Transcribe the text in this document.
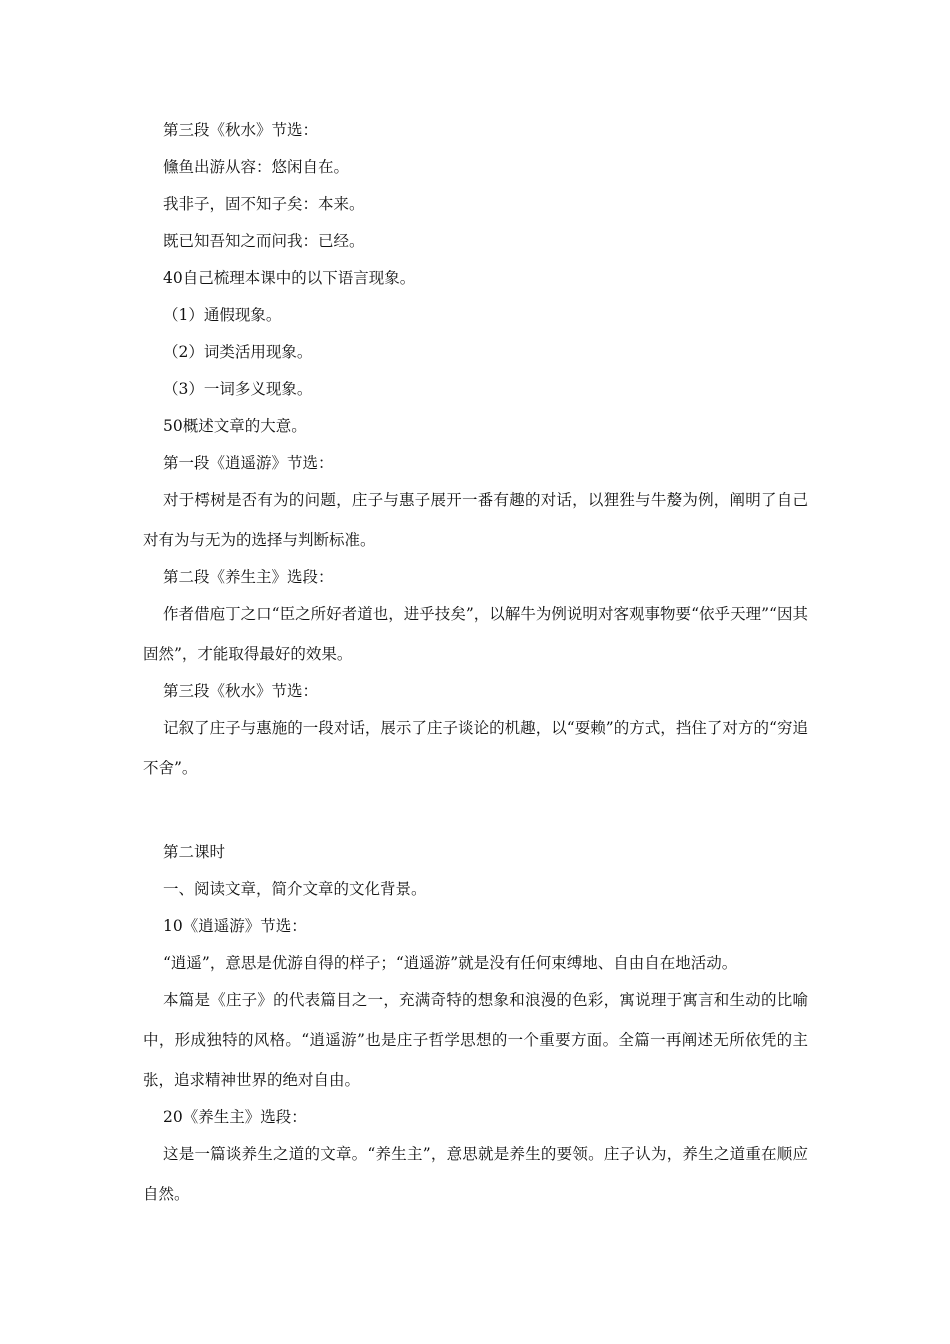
第三段《秋水》节选：

儵鱼出游从容：悠闲自在。

我非子，固不知子矣：本来。

既已知吾知之而问我：已经。

40自己梳理本课中的以下语言现象。

（1）通假现象。

（2）词类活用现象。

（3）一词多义现象。

50概述文章的大意。

第一段《逍遥游》节选：

对于樗树是否有为的问题，庄子与惠子展开一番有趣的对话，以狸狌与牛嫠为例，阐明了自己对有为与无为的选择与判断标准。

第二段《养生主》选段：

作者借庖丁之口“臣之所好者道也，进乎技矣”，以解牛为例说明对客观事物要“依乎天理”“因其固然”，才能取得最好的效果。

第三段《秋水》节选：

记叙了庄子与惠施的一段对话，展示了庄子谈论的机趣，以“耍赖”的方式，挡住了对方的“穷追不舍”。

第二课时

一、阅读文章，简介文章的文化背景。

10《逍遥游》节选：

“逍遥”，意思是优游自得的样子；“逍遥游”就是没有任何束缚地、自由自在地活动。

本篇是《庄子》的代表篇目之一，充满奇特的想象和浪漫的色彩，寓说理于寓言和生动的比喻中，形成独特的风格。“逍遥游”也是庄子哲学思想的一个重要方面。全篇一再阐述无所依凭的主张，追求精神世界的绝对自由。

20《养生主》选段：

这是一篇谈养生之道的文章。“养生主”，意思就是养生的要领。庄子认为，养生之道重在顺应自然。
